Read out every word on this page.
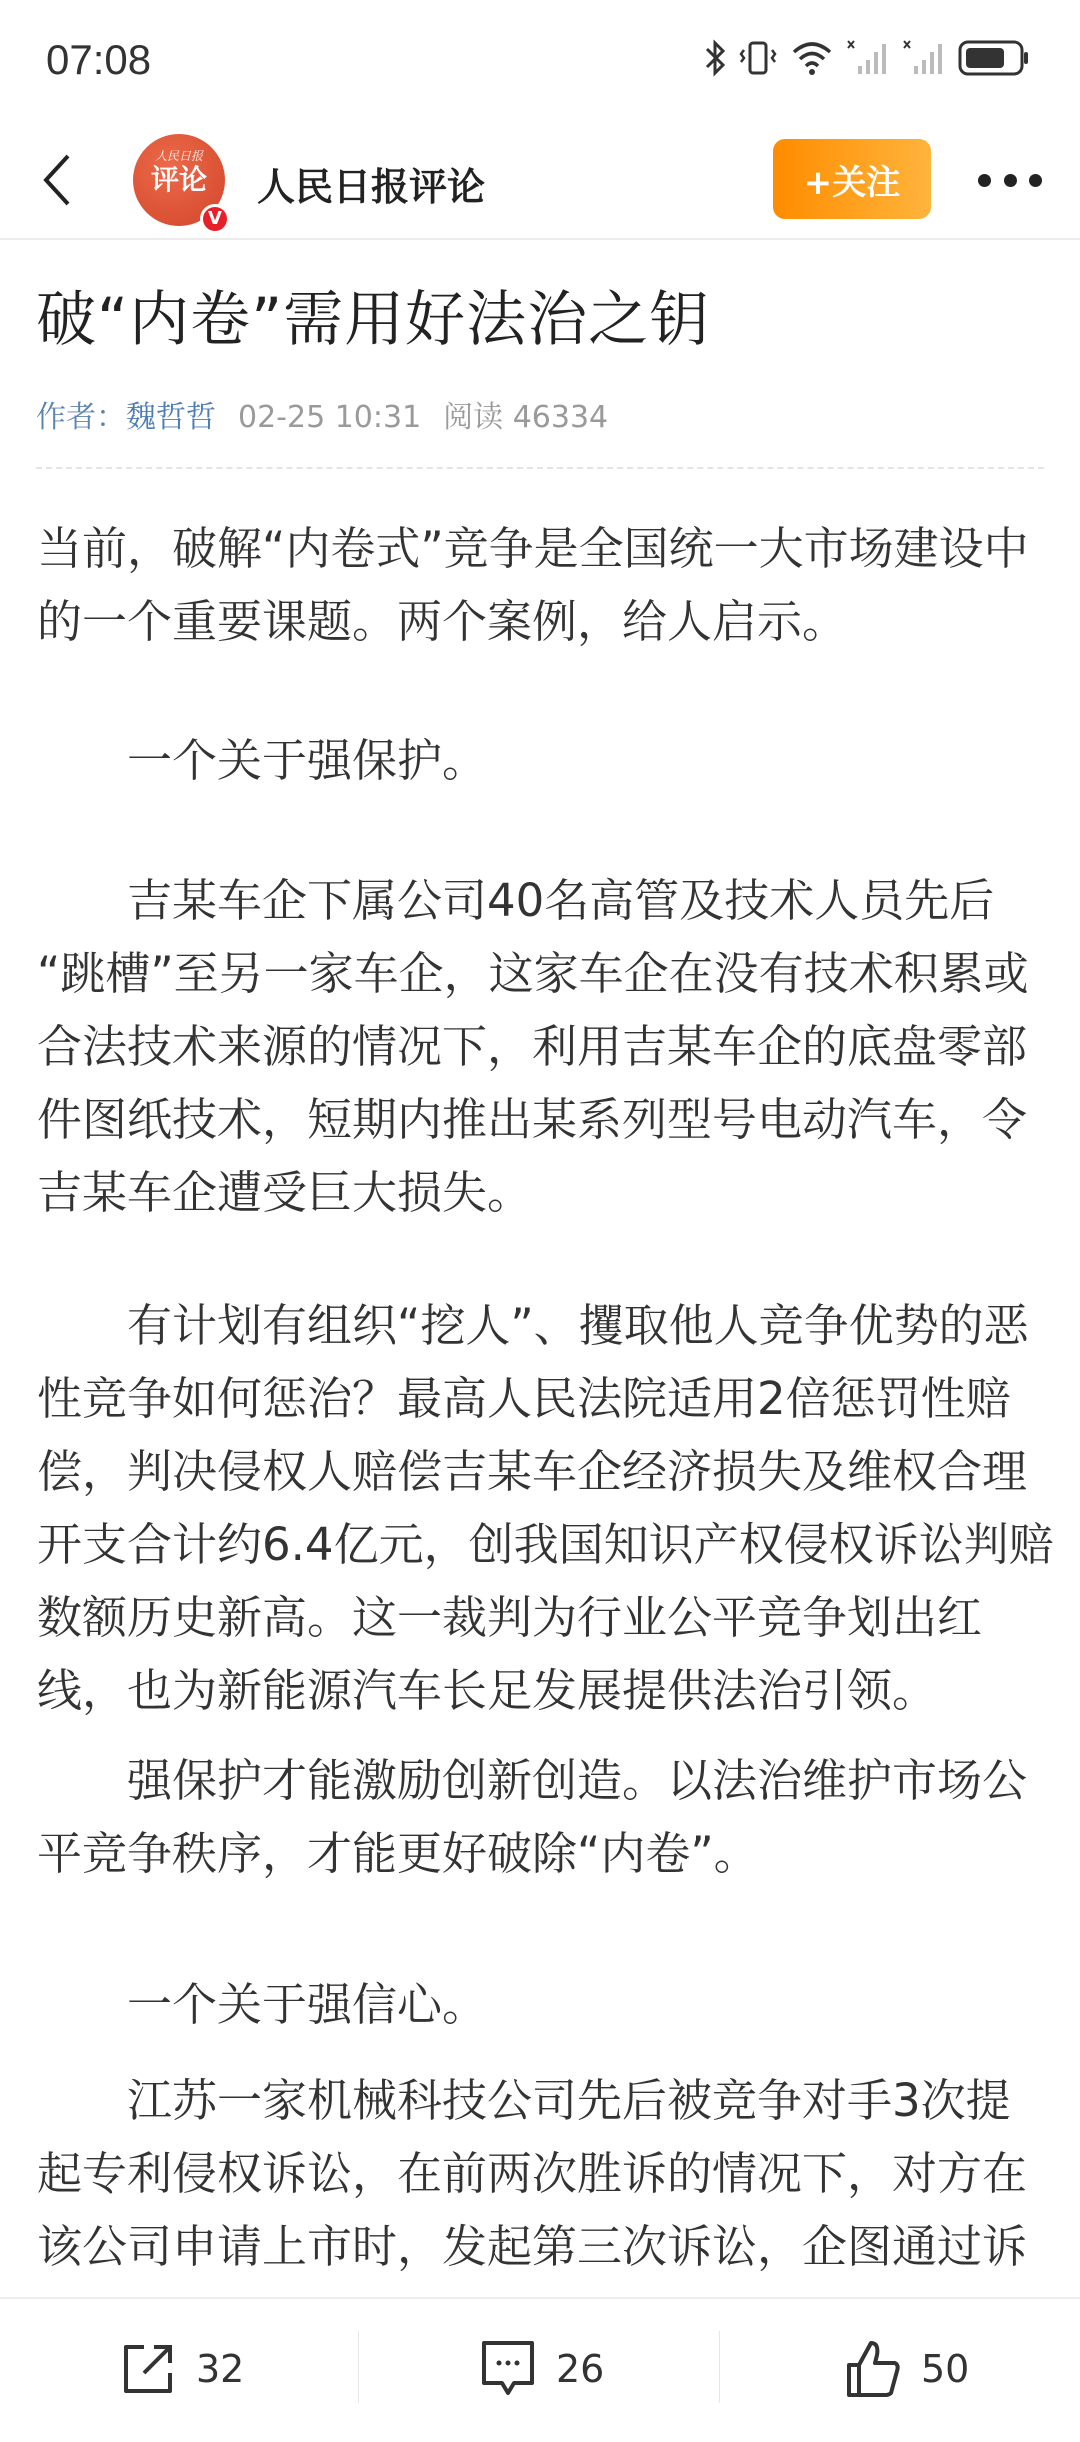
07:08
人民日报
评论
V
人民日报评论	+关注
破“内卷”需用好法治之钥
作者：魏哲哲 02-25 10:31 阅读 46334
当前，破解“内卷式”竞争是全国统一大市场建设中
的一个重要课题。两个案例，给人启示。
一个关于强保护。
吉某车企下属公司40名高管及技术人员先后
“跳槽”至另一家车企，这家车企在没有技术积累或
合法技术来源的情况下，利用吉某车企的底盘零部
件图纸技术，短期内推出某系列型号电动汽车，令
吉某车企遭受巨大损失。
有计划有组织“挖人”、攫取他人竞争优势的恶
性竞争如何惩治？最高人民法院适用2倍惩罚性赔
偿，判决侵权人赔偿吉某车企经济损失及维权合理
开支合计约6.4亿元，创我国知识产权侵权诉讼判赔
数额历史新高。这一裁判为行业公平竞争划出红
线，也为新能源汽车长足发展提供法治引领。
强保护才能激励创新创造。以法治维护市场公
平竞争秩序，才能更好破除“内卷”。
一个关于强信心。
江苏一家机械科技公司先后被竞争对手3次提
起专利侵权诉讼，在前两次胜诉的情况下，对方在
该公司申请上市时，发起第三次诉讼，企图通过诉
32	26	50
